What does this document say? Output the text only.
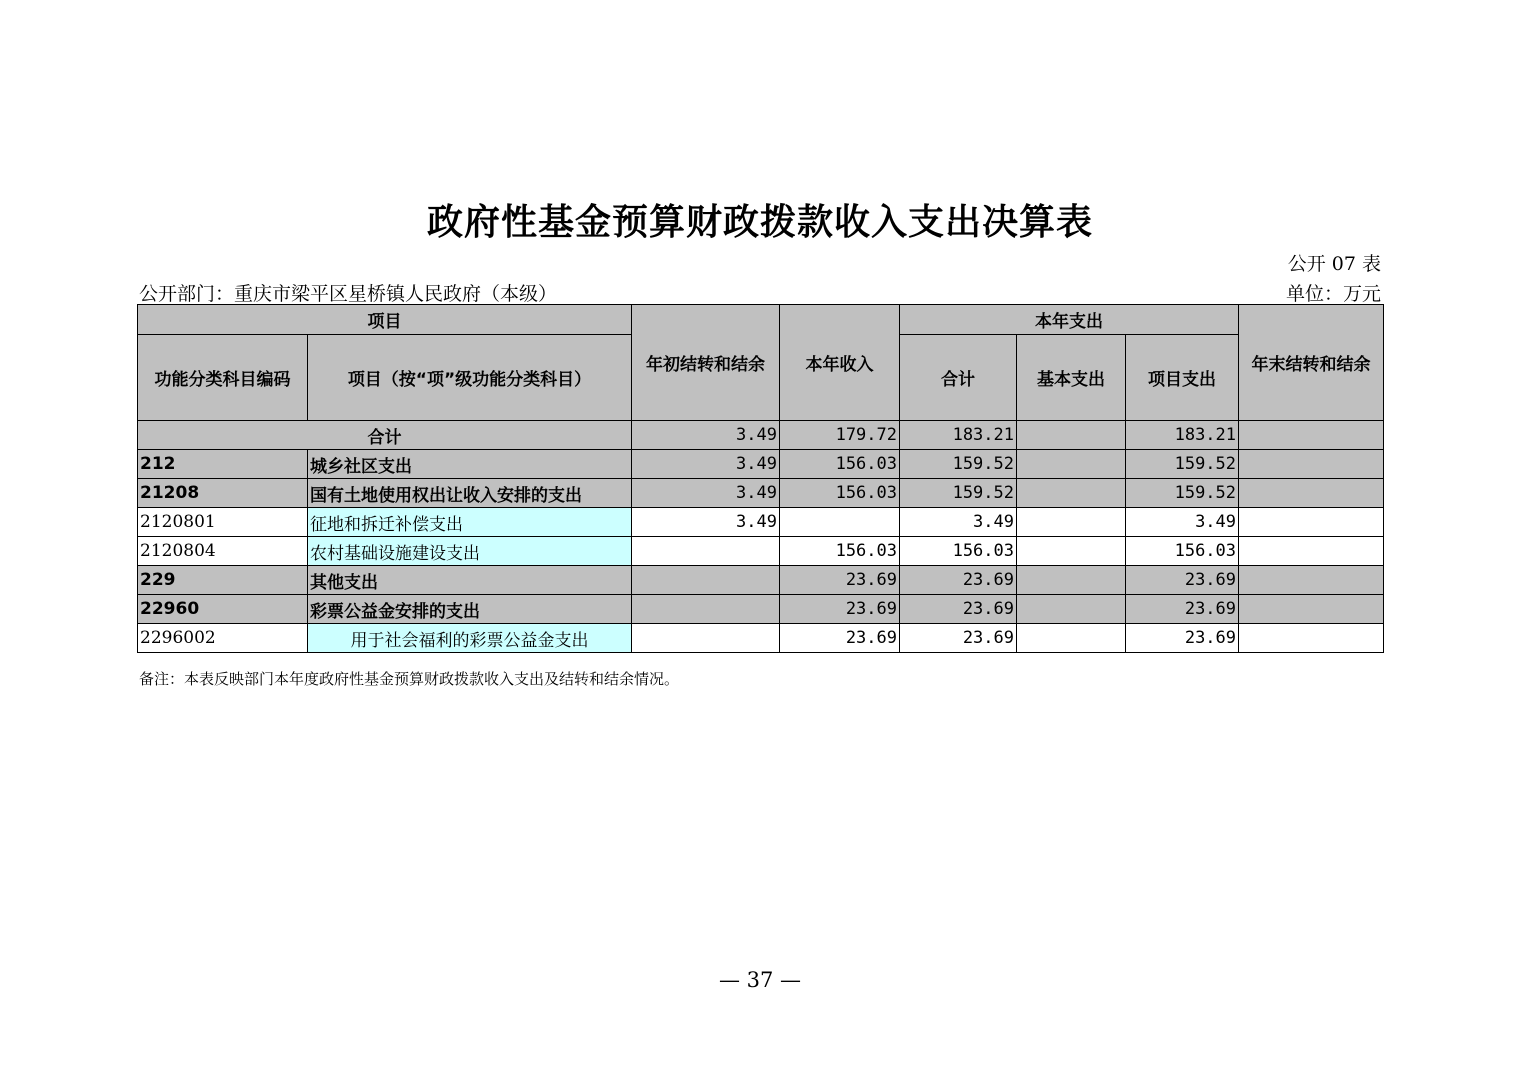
政府性基金预算财政拨款收入支出决算表
公开 07 表
公开部门：重庆市梁平区星桥镇人民政府（本级）	单位：万元
项目		年初结转和结余	本年收入	本年支出			年末结转和结余
功能分类科目编码	项目（按“项”级功能分类科目）			合计	基本支出	项目支出	
合计		3.49	179.72	183.21		183.21	
212	城乡社区支出	3.49	156.03	159.52		159.52	
21208	国有土地使用权出让收入安排的支出	3.49	156.03	159.52		159.52	
2120801	征地和拆迁补偿支出	3.49		3.49		3.49	
2120804	农村基础设施建设支出		156.03	156.03		156.03	
229	其他支出		23.69	23.69		23.69	
22960	彩票公益金安排的支出		23.69	23.69		23.69	
2296002	用于社会福利的彩票公益金支出		23.69	23.69		23.69	
备注：本表反映部门本年度政府性基金预算财政拨款收入支出及结转和结余情况。
— 37 —
